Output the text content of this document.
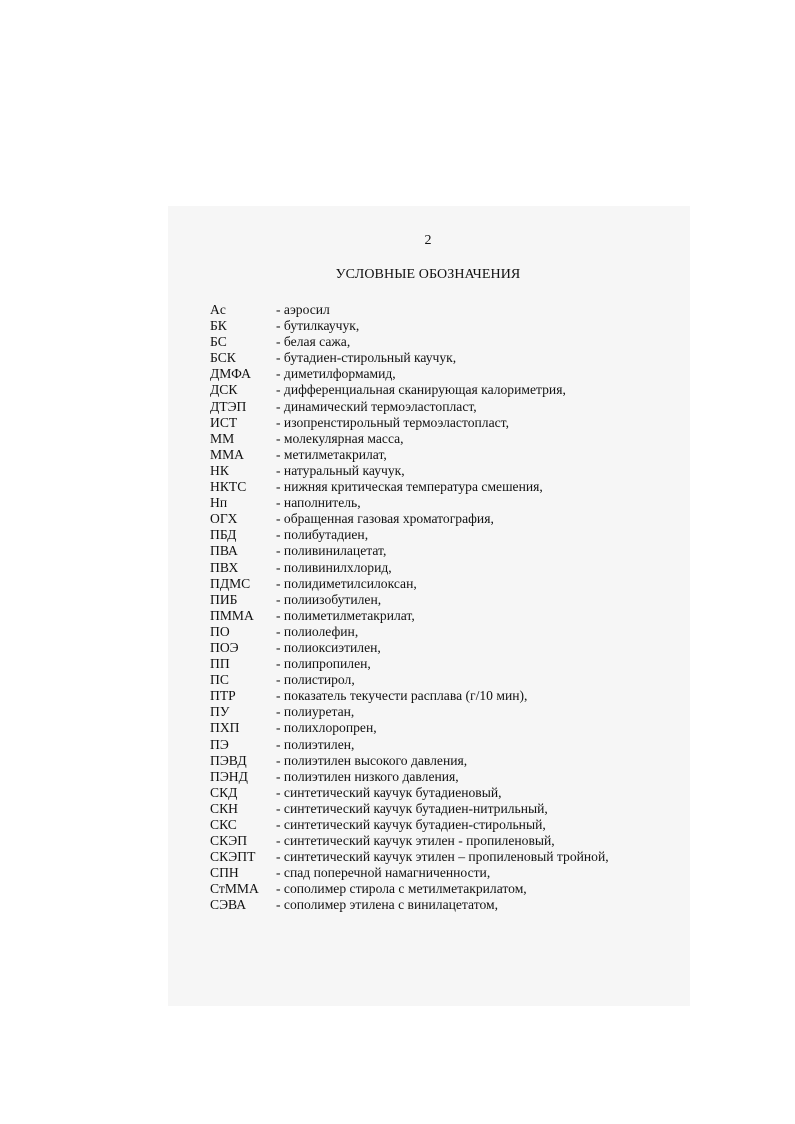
2
УСЛОВНЫЕ ОБОЗНАЧЕНИЯ
Ac	- аэросил
БК	- бутилкаучук,
БС	- белая сажа,
БСК	- бутадиен-стирольный каучук,
ДМФА	- диметилформамид,
ДСК	- дифференциальная сканирующая калориметрия,
ДТЭП	- динамический термоэластопласт,
ИСТ	- изопренстирольный термоэластопласт,
ММ	- молекулярная масса,
ММА	- метилметакрилат,
НК	- натуральный каучук,
НКТС	- нижняя критическая температура смешения,
Нп	- наполнитель,
ОГХ	- обращенная газовая хроматография,
ПБД	- полибутадиен,
ПВА	- поливинилацетат,
ПВХ	- поливинилхлорид,
ПДМС	- полидиметилсилоксан,
ПИБ	- полиизобутилен,
ПММА	- полиметилметакрилат,
ПО	- полиолефин,
ПОЭ	- полиоксиэтилен,
ПП	- полипропилен,
ПС	- полистирол,
ПТР	- показатель текучести расплава (г/10 мин),
ПУ	- полиуретан,
ПХП	- полихлоропрен,
ПЭ	- полиэтилен,
ПЭВД	- полиэтилен высокого давления,
ПЭНД	- полиэтилен низкого давления,
СКД	- синтетический каучук бутадиеновый,
СКН	- синтетический каучук бутадиен-нитрильный,
СКС	- синтетический каучук бутадиен-стирольный,
СКЭП	- синтетический каучук этилен - пропиленовый,
СКЭПТ	- синтетический каучук этилен – пропиленовый тройной,
СПН	- спад поперечной намагниченности,
СтММА	- сополимер стирола с метилметакрилатом,
СЭВА	- сополимер этилена с винилацетатом,
